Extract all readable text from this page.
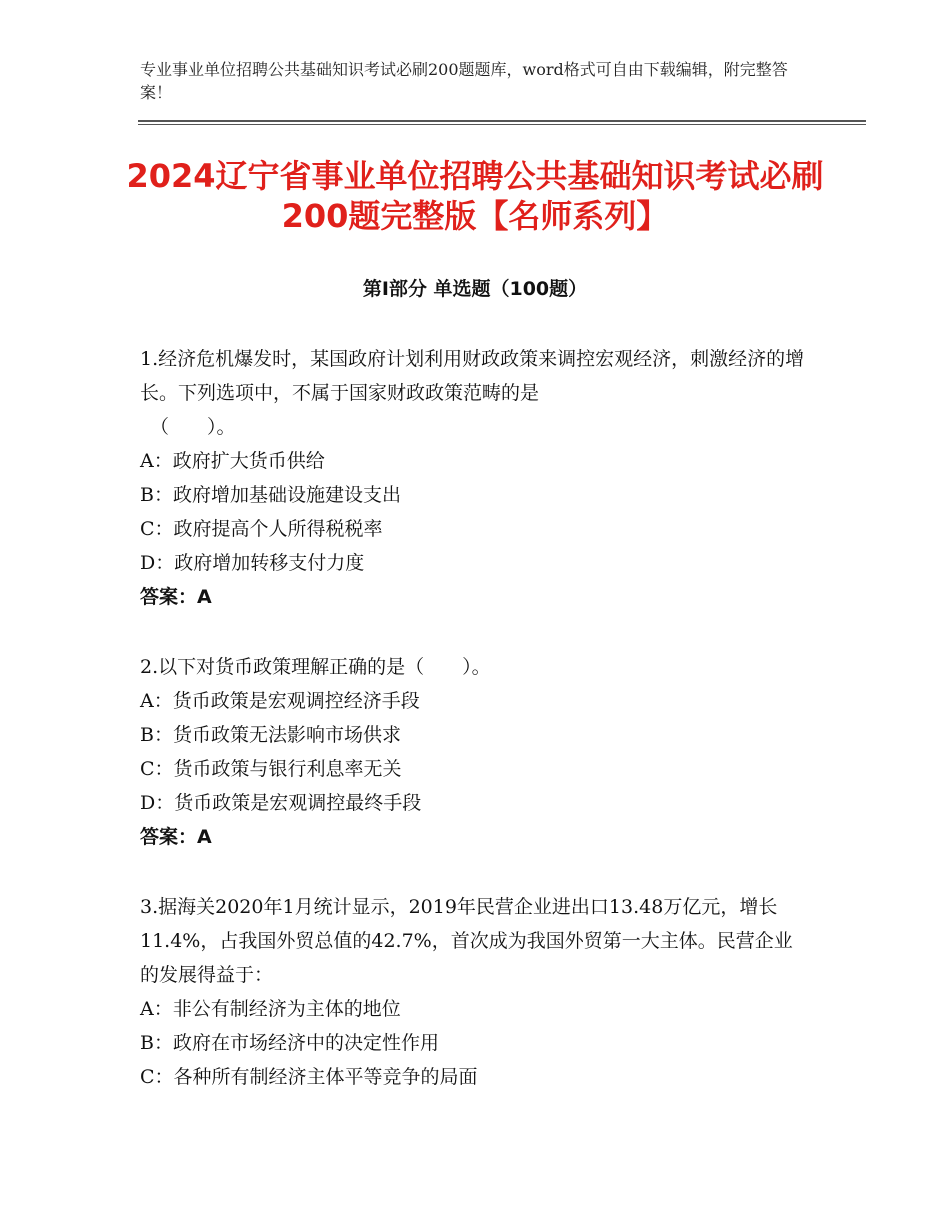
专业事业单位招聘公共基础知识考试必刷200题题库，word格式可自由下载编辑，附完整答案！
2024辽宁省事业单位招聘公共基础知识考试必刷200题完整版【名师系列】
第Ⅰ部分 单选题（100题）

1.经济危机爆发时，某国政府计划利用财政政策来调控宏观经济，刺激经济的增长。下列选项中，不属于国家财政政策范畴的是

（　　）。

A：政府扩大货币供给

B：政府增加基础设施建设支出

C：政府提高个人所得税税率

D：政府增加转移支付力度

答案：A

2.以下对货币政策理解正确的是（　　）。

A：货币政策是宏观调控经济手段

B：货币政策无法影响市场供求

C：货币政策与银行利息率无关

D：货币政策是宏观调控最终手段

答案：A

3.据海关2020年1月统计显示，2019年民营企业进出口13.48万亿元，增长11.4%，占我国外贸总值的42.7%，首次成为我国外贸第一大主体。民营企业的发展得益于：

A：非公有制经济为主体的地位

B：政府在市场经济中的决定性作用

C：各种所有制经济主体平等竞争的局面
